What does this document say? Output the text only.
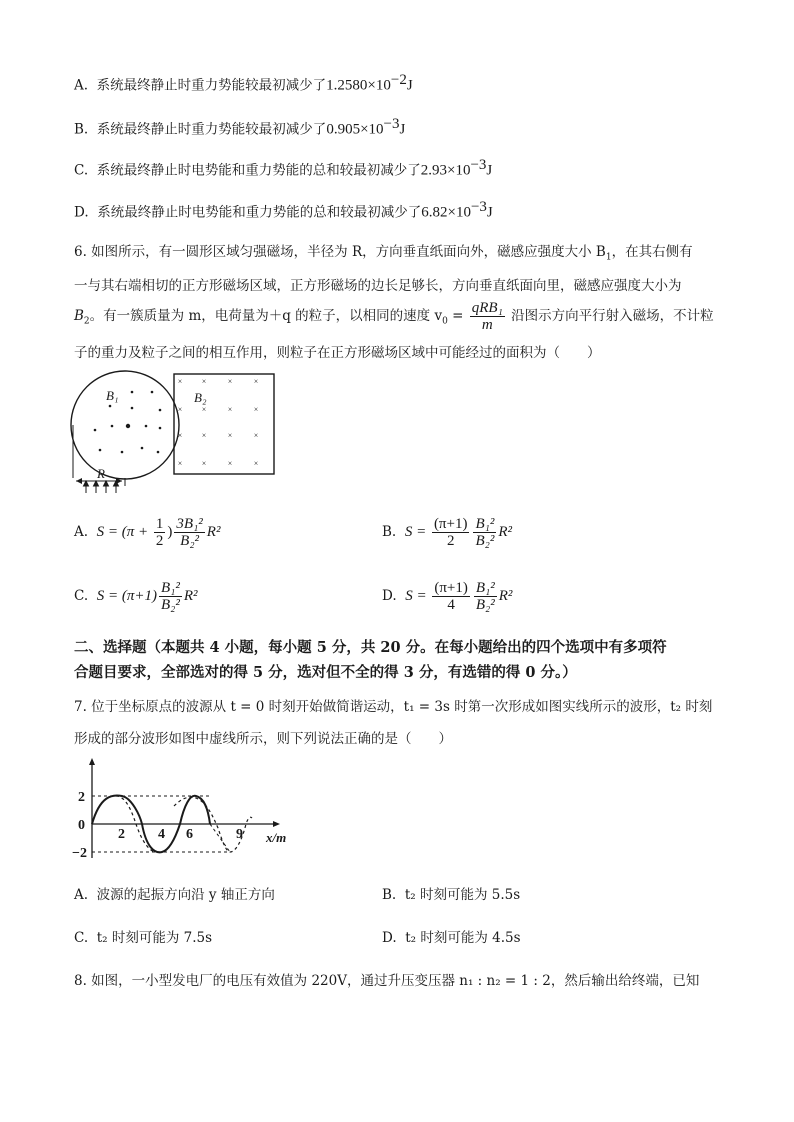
A. 系统最终静止时重力势能较最初减少了$1.2580\times 10^{-2}J$
B. 系统最终静止时重力势能较最初减少了$0.905\times 10^{-3}J$
C. 系统最终静止时电势能和重力势能的总和较最初减少了$2.93\times 10^{-3}J$
D. 系统最终静止时电势能和重力势能的总和较最初减少了$6.82\times 10^{-3}J$
6. 如图所示，有一圆形区域匀强磁场，半径为 R，方向垂直纸面向外，磁感应强度大小 $B_1$，在其右侧有
一与其右端相切的正方形磁场区域，正方形磁场的边长足够长，方向垂直纸面向里，磁感应强度大小为
$B_2$。有一簇质量为 m，电荷量为＋q 的粒子，以相同的速度 $v_0 = \frac{\text{qRB₁}}{m}$ 沿图示方向平行射入磁场，不计粒
子的重力及粒子之间的相互作用，则粒子在正方形磁场区域中可能经过的面积为（　　）
× ×	×	×
× ×	×	×
× ×	×	×
× ×	×	×
B₁	B₂
R
A. $S = (\pi + \frac{1}{2}$ ) $\frac{\text{3B₁²}}{\text{B₂²}} R^2$	B. $S = \frac{(\pi+1)}{2} \frac{\text{B₁²}}{\text{B₂²}} R^2$
C. $S = (\pi+1) \frac{\text{B₁²}}{\text{B₂²}} R^2$	D. $S = \frac{(\pi+1)}{4} \frac{\text{B₁²}}{\text{B₂²}} R^2$
二、选择题（本题共 4 小题，每小题 5 分，共 20 分。在每小题给出的四个选项中有多项符
合题目要求，全部选对的得 5 分，选对但不全的得 3 分，有选错的得 0 分。）
7. 位于坐标原点的波源从 t = 0 时刻开始做简谐运动，t₁ = 3s 时第一次形成如图实线所示的波形，t₂ 时刻
形成的部分波形如图中虚线所示，则下列说法正确的是（　　）
2
0
−2
2 4 6	9 x/m
A. 波源的起振方向沿 y 轴正方向	B. t₂ 时刻可能为 5.5s
C. t₂ 时刻可能为 7.5s	D. t₂ 时刻可能为 4.5s
8. 如图，一小型发电厂的电压有效值为 220V，通过升压变压器 n₁ : n₂ = 1 : 2，然后输出给终端，已知
